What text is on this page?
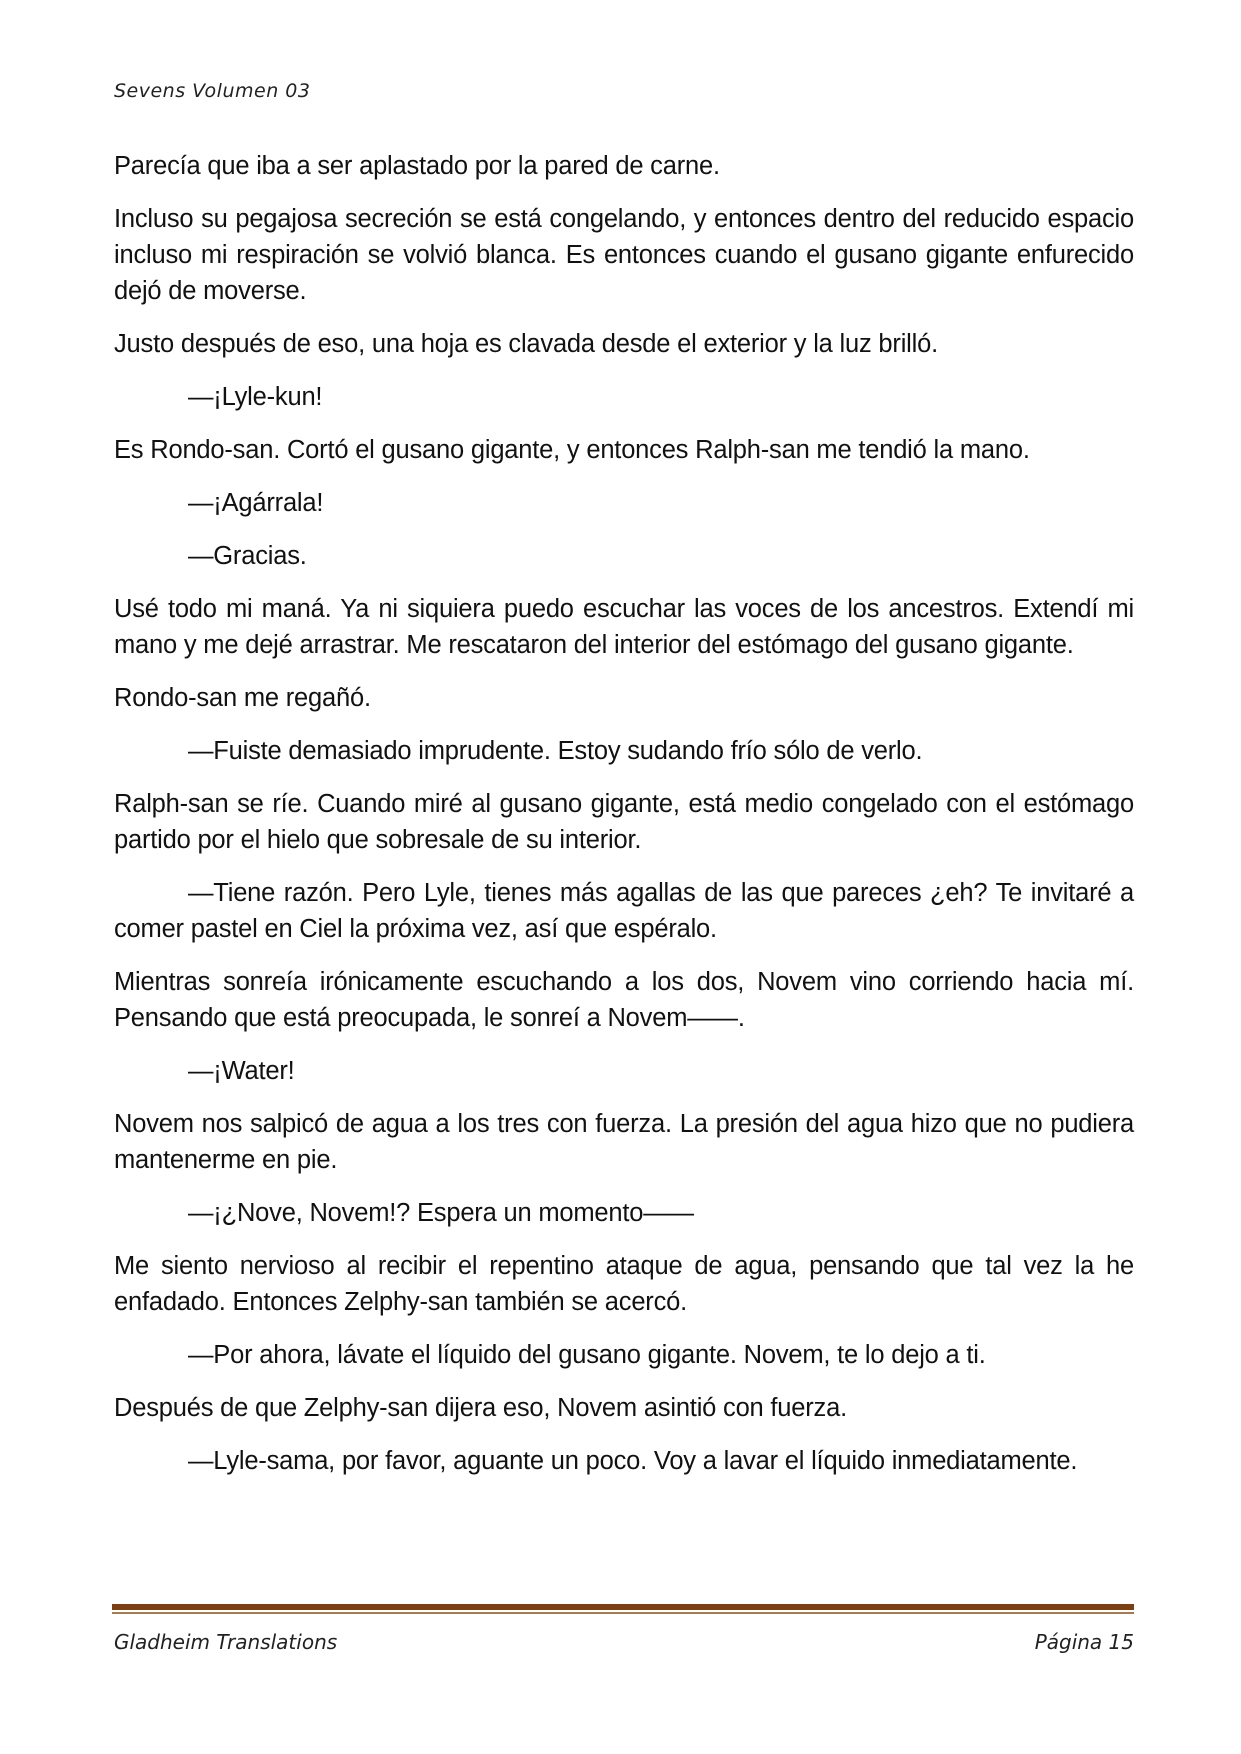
Sevens Volumen 03

Parecía que iba a ser aplastado por la pared de carne.

Incluso su pegajosa secreción se está congelando, y entonces dentro del reducido espacio incluso mi respiración se volvió blanca. Es entonces cuando el gusano gigante enfurecido dejó de moverse.

Justo después de eso, una hoja es clavada desde el exterior y la luz brilló.

—¡Lyle-kun!

Es Rondo-san. Cortó el gusano gigante, y entonces Ralph-san me tendió la mano.

—¡Agárrala!

—Gracias.

Usé todo mi maná. Ya ni siquiera puedo escuchar las voces de los ancestros. Extendí mi mano y me dejé arrastrar. Me rescataron del interior del estómago del gusano gigante.

Rondo-san me regañó.

—Fuiste demasiado imprudente. Estoy sudando frío sólo de verlo.

Ralph-san se ríe. Cuando miré al gusano gigante, está medio congelado con el estómago partido por el hielo que sobresale de su interior.

—Tiene razón. Pero Lyle, tienes más agallas de las que pareces ¿eh? Te invitaré a comer pastel en Ciel la próxima vez, así que espéralo.

Mientras sonreía irónicamente escuchando a los dos, Novem vino corriendo hacia mí. Pensando que está preocupada, le sonreí a Novem——.

—¡Water!

Novem nos salpicó de agua a los tres con fuerza. La presión del agua hizo que no pudiera mantenerme en pie.

—¡¿Nove, Novem!? Espera un momento——

Me siento nervioso al recibir el repentino ataque de agua, pensando que tal vez la he enfadado. Entonces Zelphy-san también se acercó.

—Por ahora, lávate el líquido del gusano gigante. Novem, te lo dejo a ti.

Después de que Zelphy-san dijera eso, Novem asintió con fuerza.

—Lyle-sama, por favor, aguante un poco. Voy a lavar el líquido inmediatamente.

Gladheim Translations	Página 15
